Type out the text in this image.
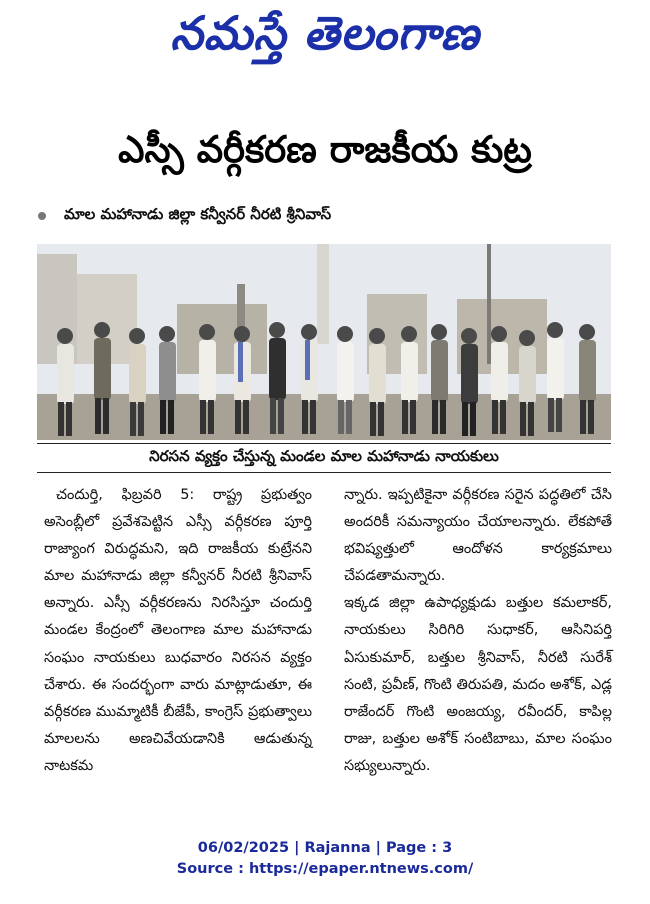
నమస్తే తెలంగాణ
ఎస్సీ వర్గీకరణ రాజకీయ కుట్ర
మాల మహానాడు జిల్లా కన్వీనర్ నీరటి శ్రీనివాస్
నిరసన వ్యక్తం చేస్తున్న మండల మాల మహానాడు నాయకులు

చందుర్తి, ఫిబ్రవరి 5: రాష్ట్ర ప్రభుత్వం అసెంబ్లీలో ప్రవేశపెట్టిన ఎస్సీ వర్గీకరణ పూర్తి రాజ్యాంగ విరుద్ధమని, ఇది రాజకీయ కుట్రేనని మాల మహానాడు జిల్లా కన్వీనర్ నీరటి శ్రీనివాస్ అన్నారు. ఎస్సీ వర్గీకరణను నిరసిస్తూ చందుర్తి మండల కేంద్రంలో తెలంగాణ మాల మహానాడు సంఘం నాయకులు బుధవారం నిరసన వ్యక్తం చేశారు. ఈ సందర్భంగా వారు మాట్లాడుతూ, ఈ వర్గీకరణ ముమ్మాటికీ బీజేపీ, కాంగ్రెస్ ప్రభుత్వాలు మాలలను అణచివేయడానికి ఆడుతున్న నాటకమ

న్నారు. ఇప్పటికైనా వర్గీకరణ సరైన పద్ధతిలో చేసి అందరికీ సమన్యాయం చేయాలన్నారు. లేకపోతే భవిష్యత్తులో ఆందోళన కార్యక్రమాలు చేపడతామన్నారు.

ఇక్కడ జిల్లా ఉపాధ్యక్షుడు బత్తుల కమలాకర్, నాయకులు సిరిగిరి సుధాకర్, ఆసినిపర్తి ఏసుకుమార్, బత్తుల శ్రీనివాస్, నీరటి సురేశ్ సంటి, ప్రవీణ్, గొంటి తిరుపతి, మదం అశోక్, ఎడ్ల రాజేందర్ గొంటి అంజయ్య, రవీందర్, కాపిల్ల రాజు, బత్తుల అశోక్ సంటిబాబు, మాల సంఘం సభ్యులున్నారు.

06/02/2025 | Rajanna | Page : 3
Source : https://epaper.ntnews.com/
